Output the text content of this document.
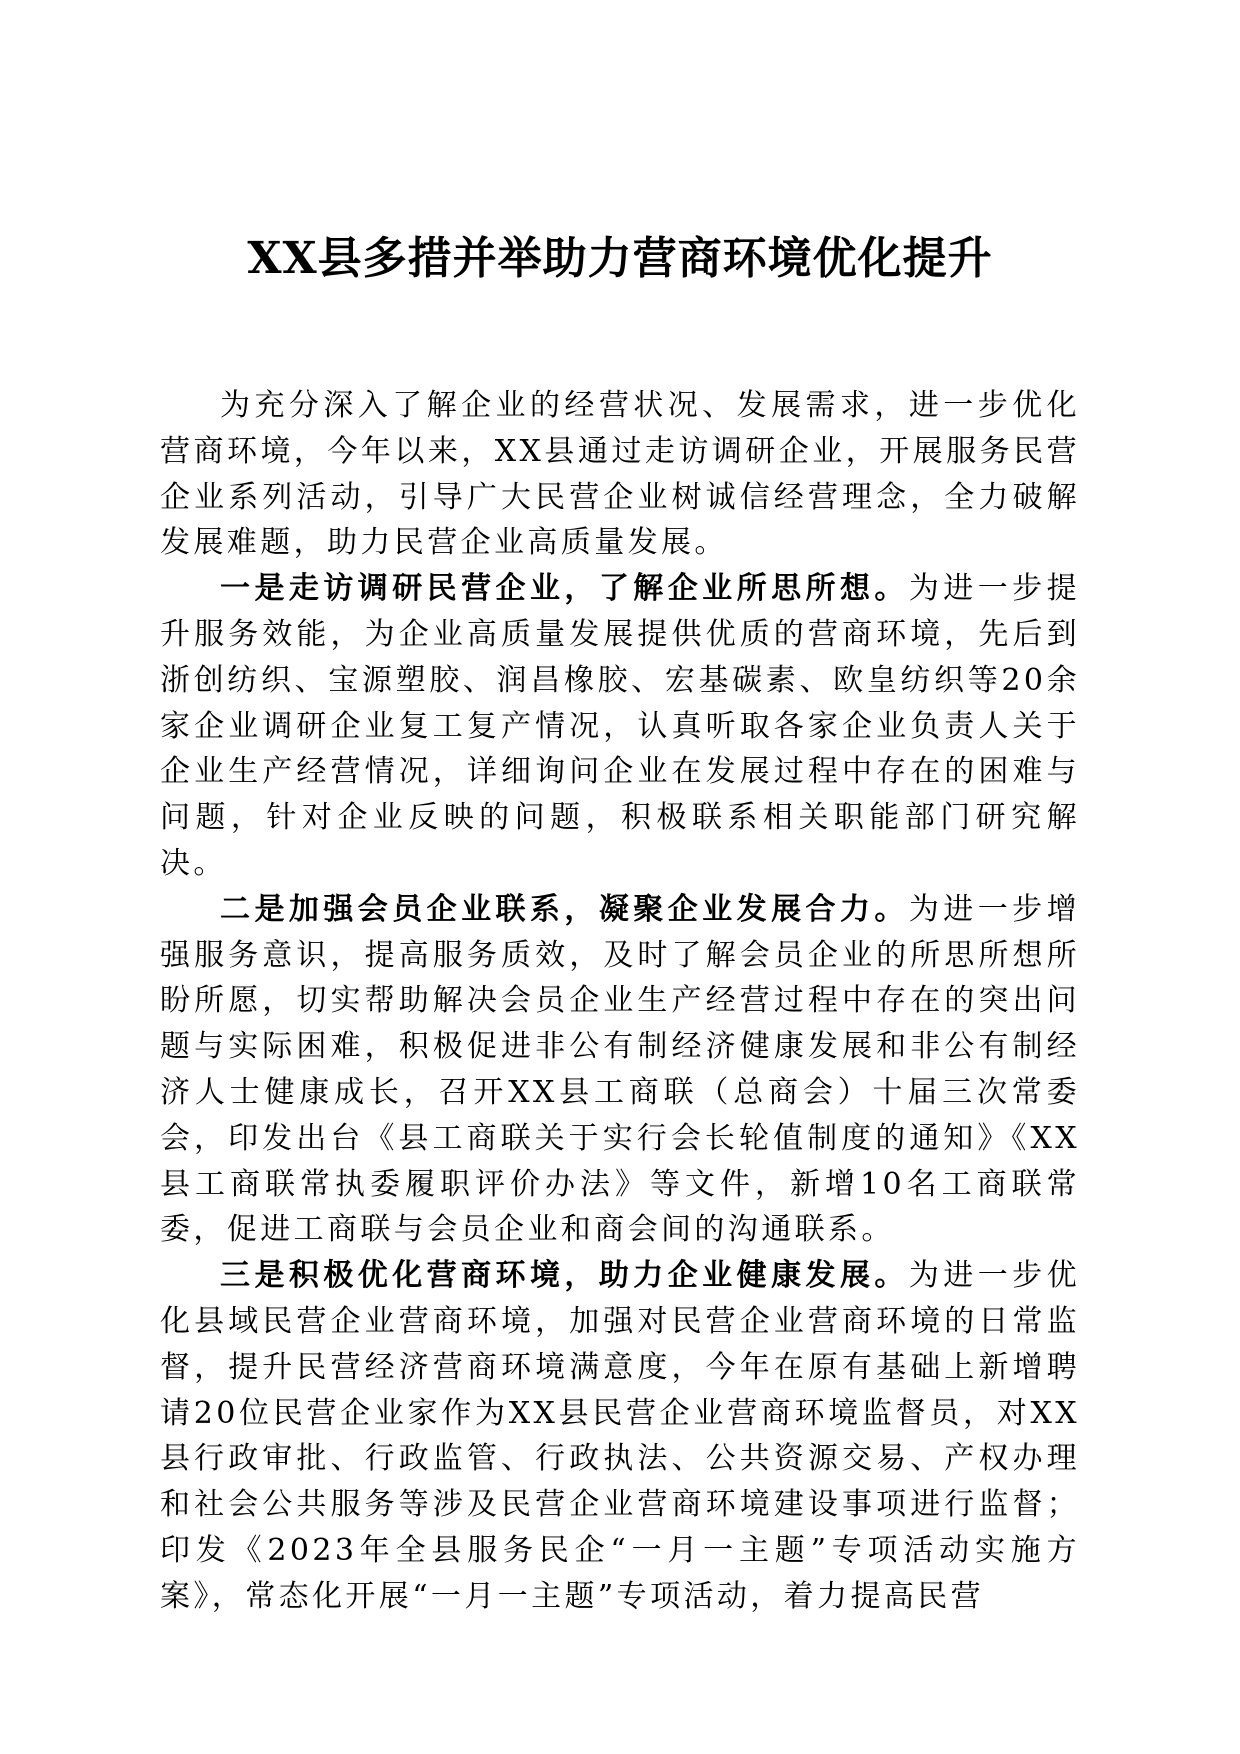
XX县多措并举助力营商环境优化提升

为充分深入了解企业的经营状况、发展需求，进一步优化营商环境，今年以来，XX县通过走访调研企业，开展服务民营企业系列活动，引导广大民营企业树诚信经营理念，全力破解发展难题，助力民营企业高质量发展。

一是走访调研民营企业，了解企业所思所想。为进一步提升服务效能，为企业高质量发展提供优质的营商环境，先后到浙创纺织、宝源塑胶、润昌橡胶、宏基碳素、欧皇纺织等20余家企业调研企业复工复产情况，认真听取各家企业负责人关于企业生产经营情况，详细询问企业在发展过程中存在的困难与问题，针对企业反映的问题，积极联系相关职能部门研究解决。

二是加强会员企业联系，凝聚企业发展合力。为进一步增强服务意识，提高服务质效，及时了解会员企业的所思所想所盼所愿，切实帮助解决会员企业生产经营过程中存在的突出问题与实际困难，积极促进非公有制经济健康发展和非公有制经济人士健康成长，召开XX县工商联（总商会）十届三次常委会，印发出台《县工商联关于实行会长轮值制度的通知》《XX县工商联常执委履职评价办法》等文件，新增10名工商联常委，促进工商联与会员企业和商会间的沟通联系。

三是积极优化营商环境，助力企业健康发展。为进一步优化县域民营企业营商环境，加强对民营企业营商环境的日常监督，提升民营经济营商环境满意度，今年在原有基础上新增聘请20位民营企业家作为XX县民营企业营商环境监督员，对XX县行政审批、行政监管、行政执法、公共资源交易、产权办理和社会公共服务等涉及民营企业营商环境建设事项进行监督；印发《2023年全县服务民企“一月一主题”专项活动实施方案》，常态化开展“一月一主题”专项活动，着力提高民营
